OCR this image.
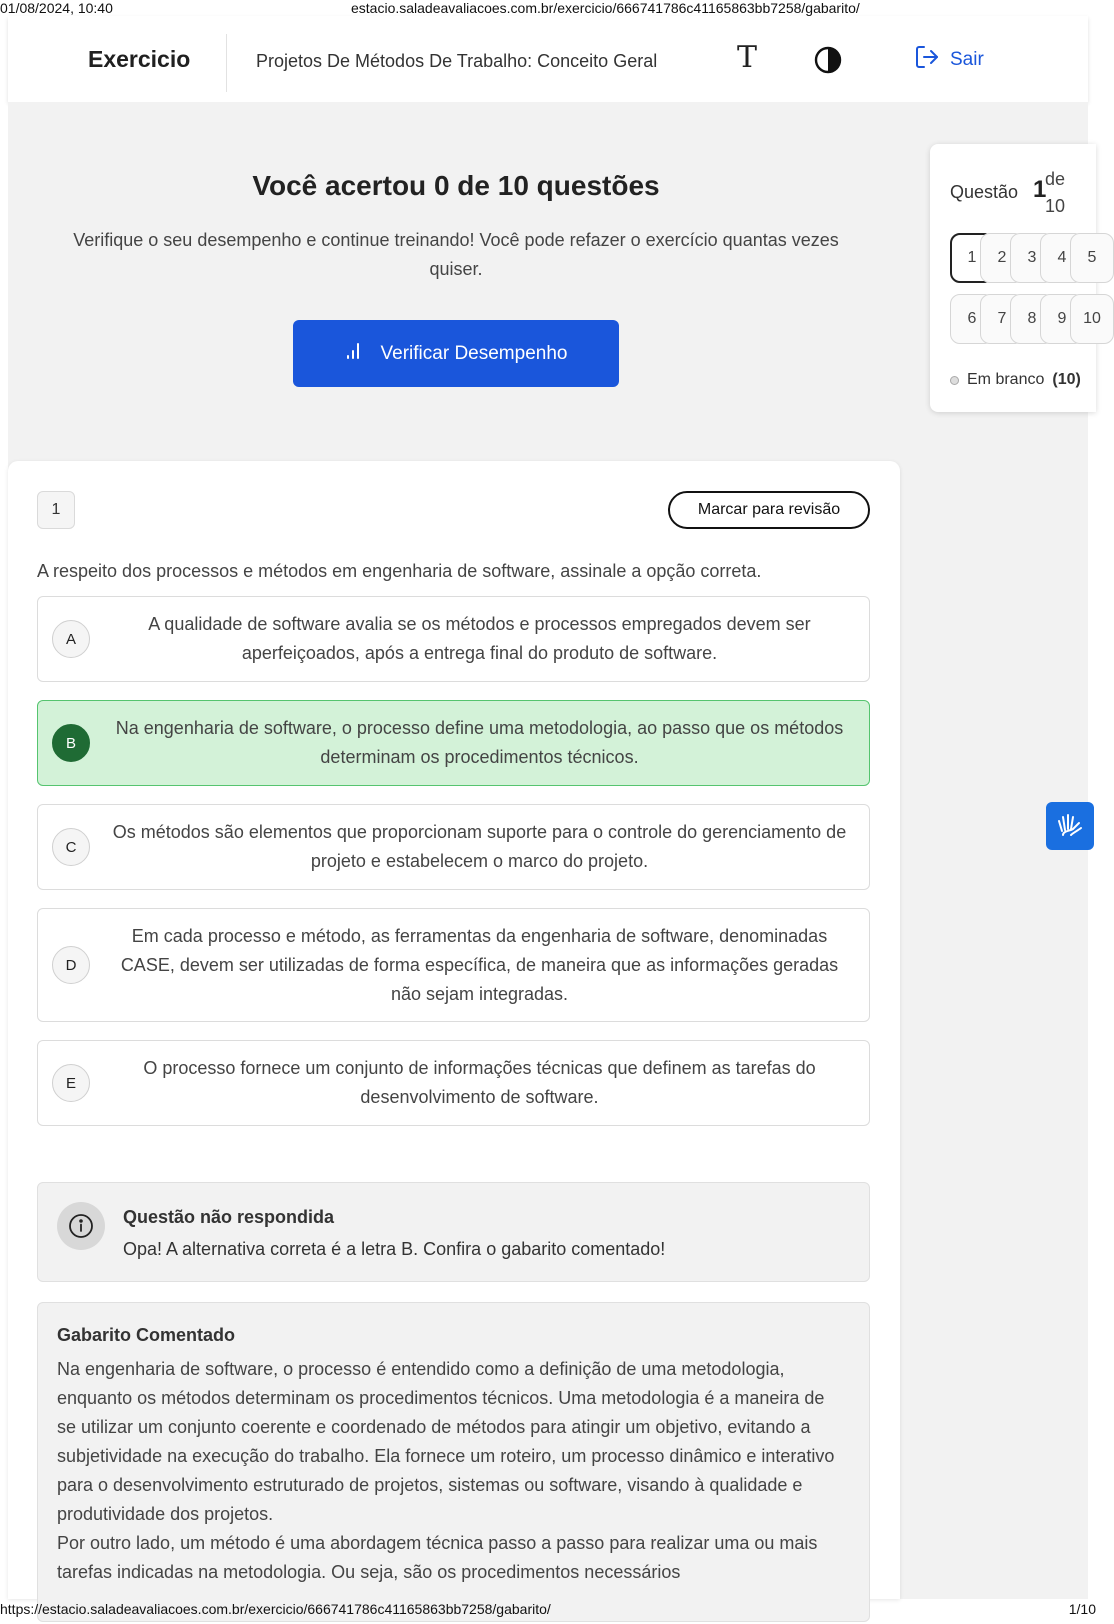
01/08/2024, 10:40	estacio.saladeavaliacoes.com.br/exercicio/666741786c41165863bb7258/gabarito/
Exercicio	Projetos De Métodos De Trabalho: Conceito Geral	T	Sair
Você acertou 0 de 10 questões
Verifique o seu desempenho e continue treinando! Você pode refazer o exercício quantas vezes quiser.
Verificar Desempenho
Questão 1
de
10
1	2	3	4	5
6	7	8	9	10
Em branco (10)
1	Marcar para revisão
A respeito dos processos e métodos em engenharia de software, assinale a opção correta.
A
A qualidade de software avalia se os métodos e processos empregados devem ser aperfeiçoados, após a entrega final do produto de software.
B
Na engenharia de software, o processo define uma metodologia, ao passo que os métodos determinam os procedimentos técnicos.
C
Os métodos são elementos que proporcionam suporte para o controle do gerenciamento de projeto e estabelecem o marco do projeto.
D
Em cada processo e método, as ferramentas da engenharia de software, denominadas CASE, devem ser utilizadas de forma específica, de maneira que as informações geradas não sejam integradas.
E
O processo fornece um conjunto de informações técnicas que definem as tarefas do desenvolvimento de software.
Questão não respondida
Opa! A alternativa correta é a letra B. Confira o gabarito comentado!
Gabarito Comentado
Na engenharia de software, o processo é entendido como a definição de uma metodologia, enquanto os métodos determinam os procedimentos técnicos. Uma metodologia é a maneira de se utilizar um conjunto coerente e coordenado de métodos para atingir um objetivo, evitando a subjetividade na execução do trabalho. Ela fornece um roteiro, um processo dinâmico e interativo para o desenvolvimento estruturado de projetos, sistemas ou software, visando à qualidade e produtividade dos projetos.
Por outro lado, um método é uma abordagem técnica passo a passo para realizar uma ou mais tarefas indicadas na metodologia. Ou seja, são os procedimentos necessários
https://estacio.saladeavaliacoes.com.br/exercicio/666741786c41165863bb7258/gabarito/	1/10
